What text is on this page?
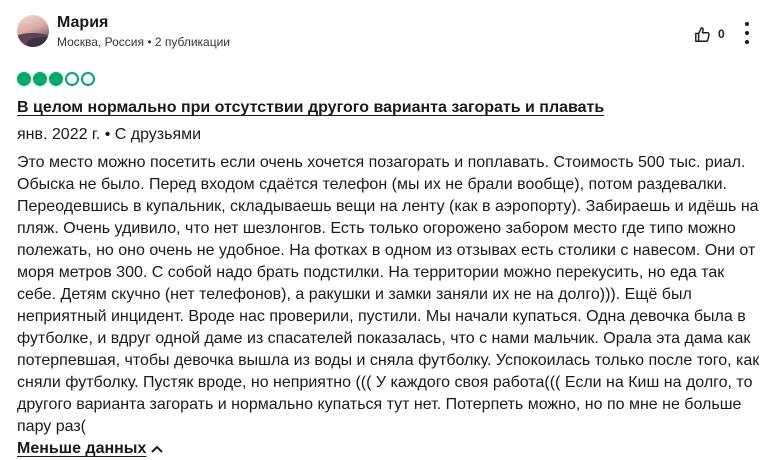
Мария
Москва, Россия • 2 публикации
0
В целом нормально при отсутствии другого варианта загорать и плавать
янв. 2022 г. • С друзьями
Это место можно посетить если очень хочется позагорать и поплавать. Стоимость 500 тыс. риал.
Обыска не было. Перед входом сдаётся телефон (мы их не брали вообще), потом раздевалки.
Переодевшись в купальник, складываешь вещи на ленту (как в аэропорту). Забираешь и идёшь на
пляж. Очень удивило, что нет шезлонгов. Есть только огорожено забором место где типо можно
полежать, но оно очень не удобное. На фотках в одном из отзывах есть столики с навесом. Они от
моря метров 300. С собой надо брать подстилки. На территории можно перекусить, но еда так
себе. Детям скучно (нет телефонов), а ракушки и замки заняли их не на долго))). Ещё был
неприятный инцидент. Вроде нас проверили, пустили. Мы начали купаться. Одна девочка была в
футболке, и вдруг одной даме из спасателей показалась, что с нами мальчик. Орала эта дама как
потерпевшая, чтобы девочка вышла из воды и сняла футболку. Успокоилась только после того, как
сняли футболку. Пустяк вроде, но неприятно ((( У каждого своя работа((( Если на Киш на долго, то
другого варианта загорать и нормально купаться тут нет. Потерпеть можно, но по мне не больше
пару раз(
Меньше данных
